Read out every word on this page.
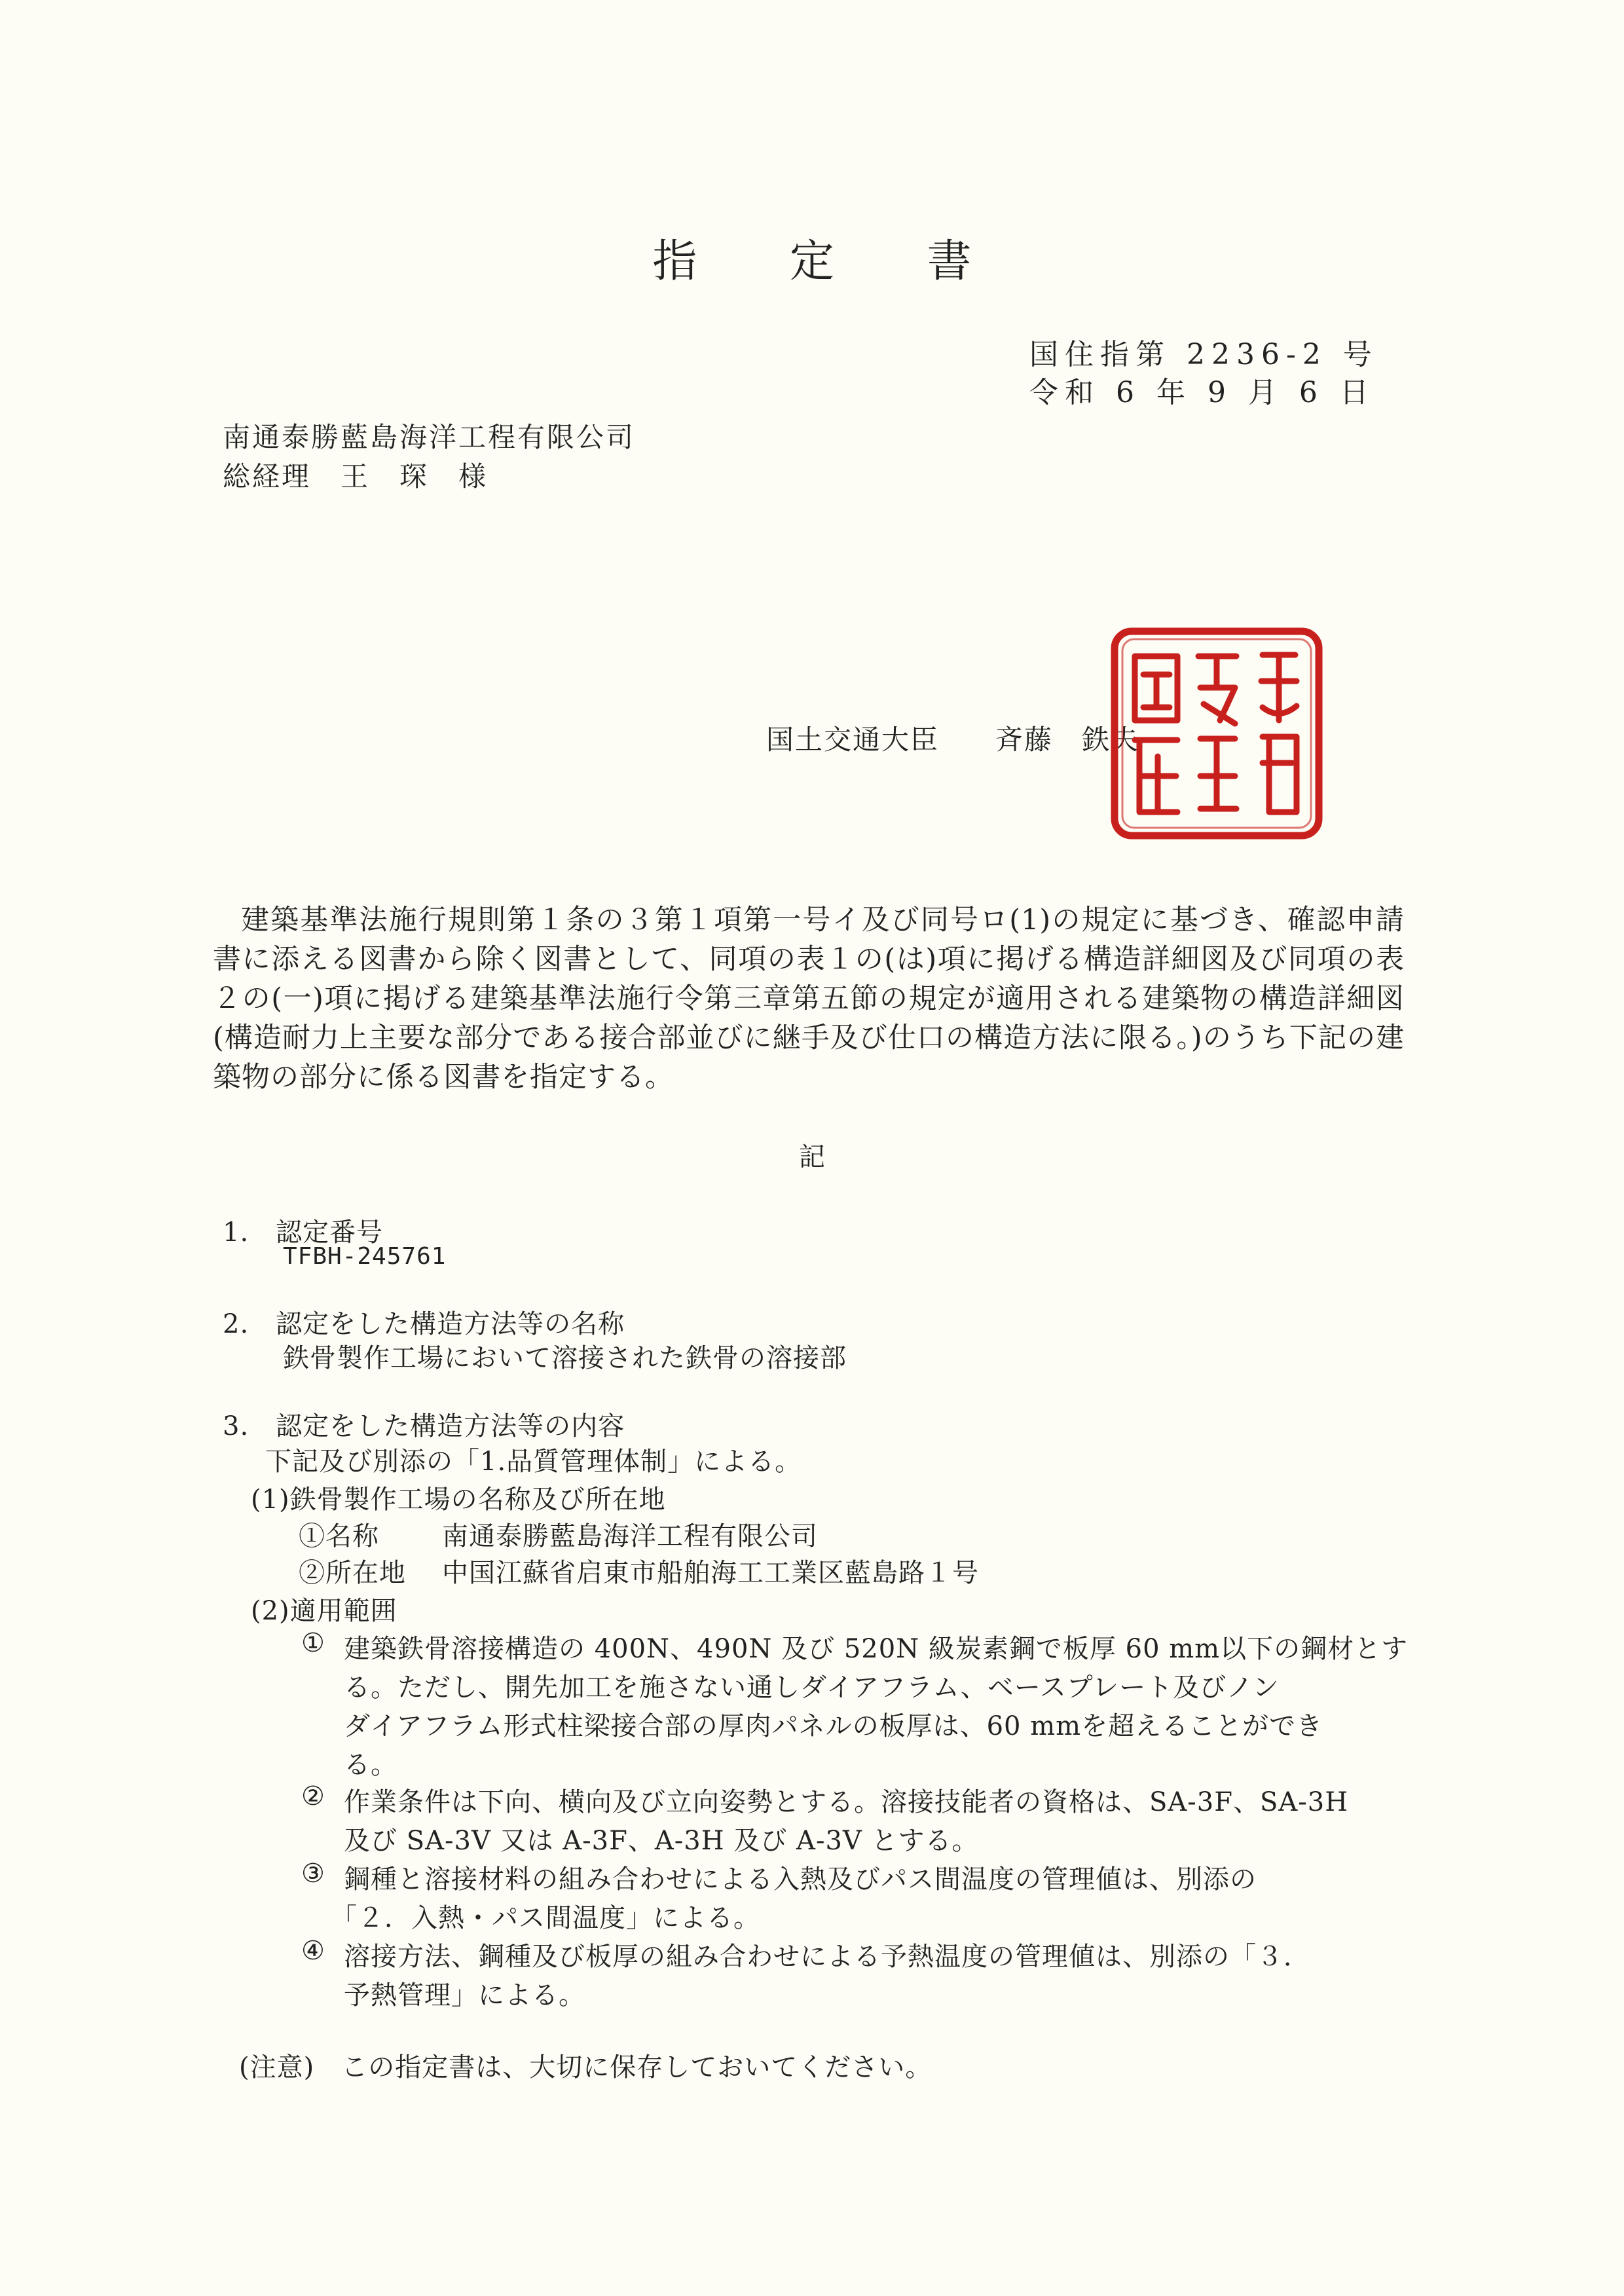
指 定 書
国住指第 2236-2 号
令和 6 年 9 月 6 日
南通泰勝藍島海洋工程有限公司
総経理　王　琛　様
国土交通大臣 斉藤　鉄夫

建築基準法施行規則第１条の３第１項第一号イ及び同号ロ(1)の規定に基づき、確認申請書に添える図書から除く図書として、同項の表１の(は)項に掲げる構造詳細図及び同項の表２の(一)項に掲げる建築基準法施行令第三章第五節の規定が適用される建築物の構造詳細図(構造耐力上主要な部分である接合部並びに継手及び仕口の構造方法に限る。)のうち下記の建築物の部分に係る図書を指定する。

記
1.　認定番号
TFBH-245761
2.　認定をした構造方法等の名称
鉄骨製作工場において溶接された鉄骨の溶接部
3.　認定をした構造方法等の内容
下記及び別添の「1.品質管理体制」による。
(1)鉄骨製作工場の名称及び所在地
①名称 南通泰勝藍島海洋工程有限公司
②所在地 中国江蘇省启東市船舶海工工業区藍島路１号
(2)適用範囲
① 建築鉄骨溶接構造の 400N、490N 及び 520N 級炭素鋼で板厚 60 mm以下の鋼材とす
る。ただし、開先加工を施さない通しダイアフラム、ベースプレート及びノン
ダイアフラム形式柱梁接合部の厚肉パネルの板厚は、60 mmを超えることができ
る。
② 作業条件は下向、横向及び立向姿勢とする。溶接技能者の資格は、SA-3F、SA-3H
及び SA-3V 又は A-3F、A-3H 及び A-3V とする。
③ 鋼種と溶接材料の組み合わせによる入熱及びパス間温度の管理値は、別添の
「２．入熱・パス間温度」による。
④ 溶接方法、鋼種及び板厚の組み合わせによる予熱温度の管理値は、別添の「３．
予熱管理」による。
(注意)　この指定書は、大切に保存しておいてください。
